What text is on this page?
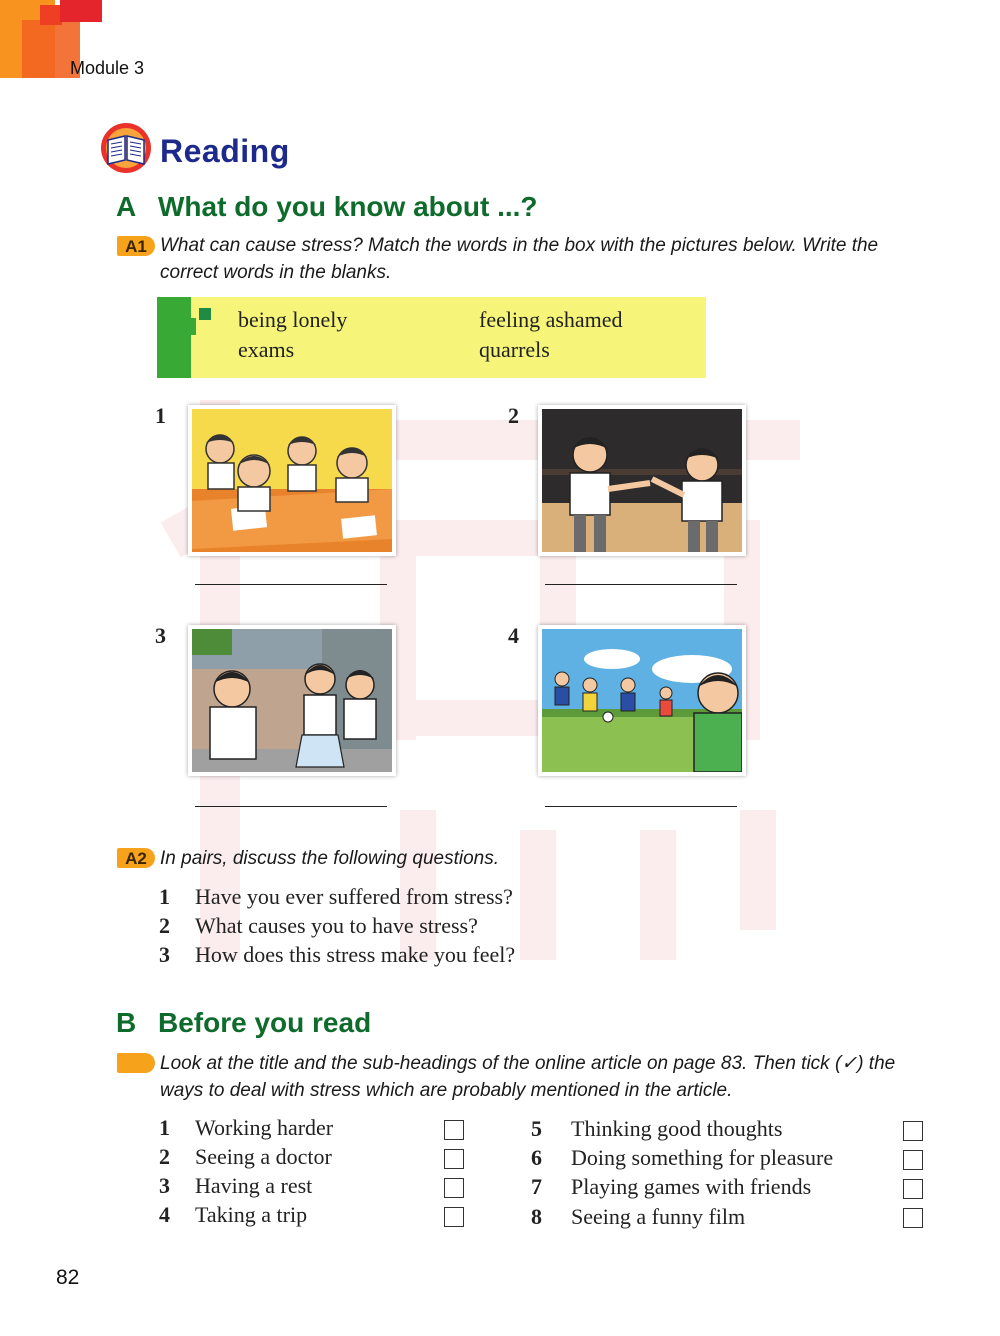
Module 3
Reading
A What do you know about ...?
A1 What can cause stress? Match the words in the box with the pictures below. Write the correct words in the blanks.
being lonely	feeling ashamed
exams	quarrels
1	2
3	4
A2 In pairs, discuss the following questions.
1 Have you ever suffered from stress?
2 What causes you to have stress?
3 How does this stress make you feel?
B Before you read
Look at the title and the sub-headings of the online article on page 83. Then tick (✓) the ways to deal with stress which are probably mentioned in the article.
1 Working harder
2 Seeing a doctor
3 Having a rest
4 Taking a trip
5 Thinking good thoughts
6 Doing something for pleasure
7 Playing games with friends
8 Seeing a funny film
82
